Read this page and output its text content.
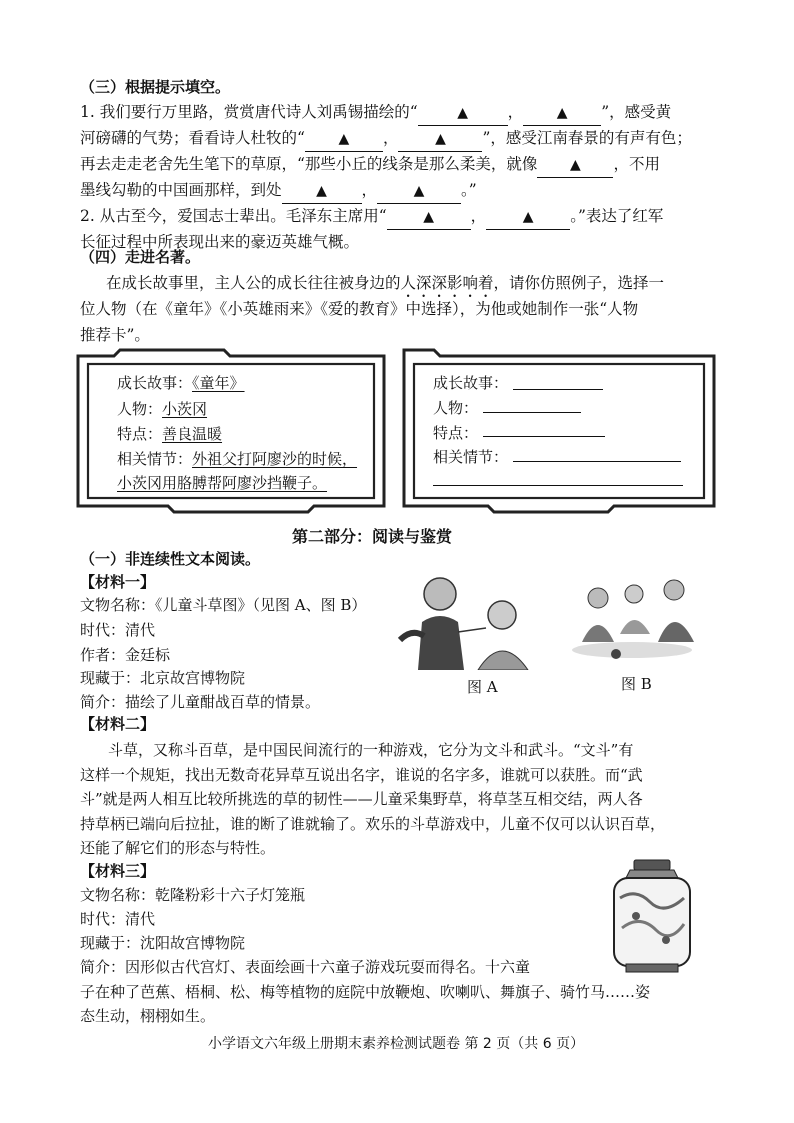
（三）根据提示填空。
1. 我们要行万里路，赏赏唐代诗人刘禹锡描绘的“	▲	， ▲ ”，感受黄
河磅礴的气势；看看诗人杜牧的“ ▲ ，	▲ ”，感受江南春景的有声有色；
再去走走老舍先生笔下的草原，“那些小丘的线条是那么柔美，就像 ▲ ，不用
墨线勾勒的中国画那样，到处 ▲ ，	▲ 。”
2. 从古至今，爱国志士辈出。毛泽东主席用“	▲ ，	▲ 。”表达了红军
长征过程中所表现出来的豪迈英雄气概。
（四）走进名著。
在成长故事里，主人公的成长往往被身边的人深深影响着，请你仿照例子，选择一
位人物（在《童年》《小英雄雨来》《爱的教育》中选择），为他或她制作一张“人物
推荐卡”。
成长故事：《童年》
人物：小茨冈
特点：善良温暖
相关情节：外祖父打阿廖沙的时候，
小茨冈用胳膊帮阿廖沙挡鞭子。
成长故事：
人物：
特点：
相关情节：
第二部分：阅读与鉴赏
（一）非连续性文本阅读。
【材料一】
文物名称：《儿童斗草图》（见图 A、图 B）
时代：清代
作者：金廷标
现藏于：北京故宫博物院
简介：描绘了儿童酣战百草的情景。
图 A	图 B
【材料二】
斗草，又称斗百草，是中国民间流行的一种游戏，它分为文斗和武斗。“文斗”有
这样一个规矩，找出无数奇花异草互说出名字，谁说的名字多，谁就可以获胜。而“武
斗”就是两人相互比较所挑选的草的韧性——儿童采集野草，将草茎互相交结，两人各
持草柄已端向后拉扯，谁的断了谁就输了。欢乐的斗草游戏中，儿童不仅可以认识百草，
还能了解它们的形态与特性。
【材料三】
文物名称：乾隆粉彩十六子灯笼瓶
时代：清代
现藏于：沈阳故宫博物院
简介：因形似古代宫灯、表面绘画十六童子游戏玩耍而得名。十六童
子在种了芭蕉、梧桐、松、梅等植物的庭院中放鞭炮、吹喇叭、舞旗子、骑竹马……姿
态生动，栩栩如生。
小学语文六年级上册期末素养检测试题卷 第 2 页（共 6 页）
